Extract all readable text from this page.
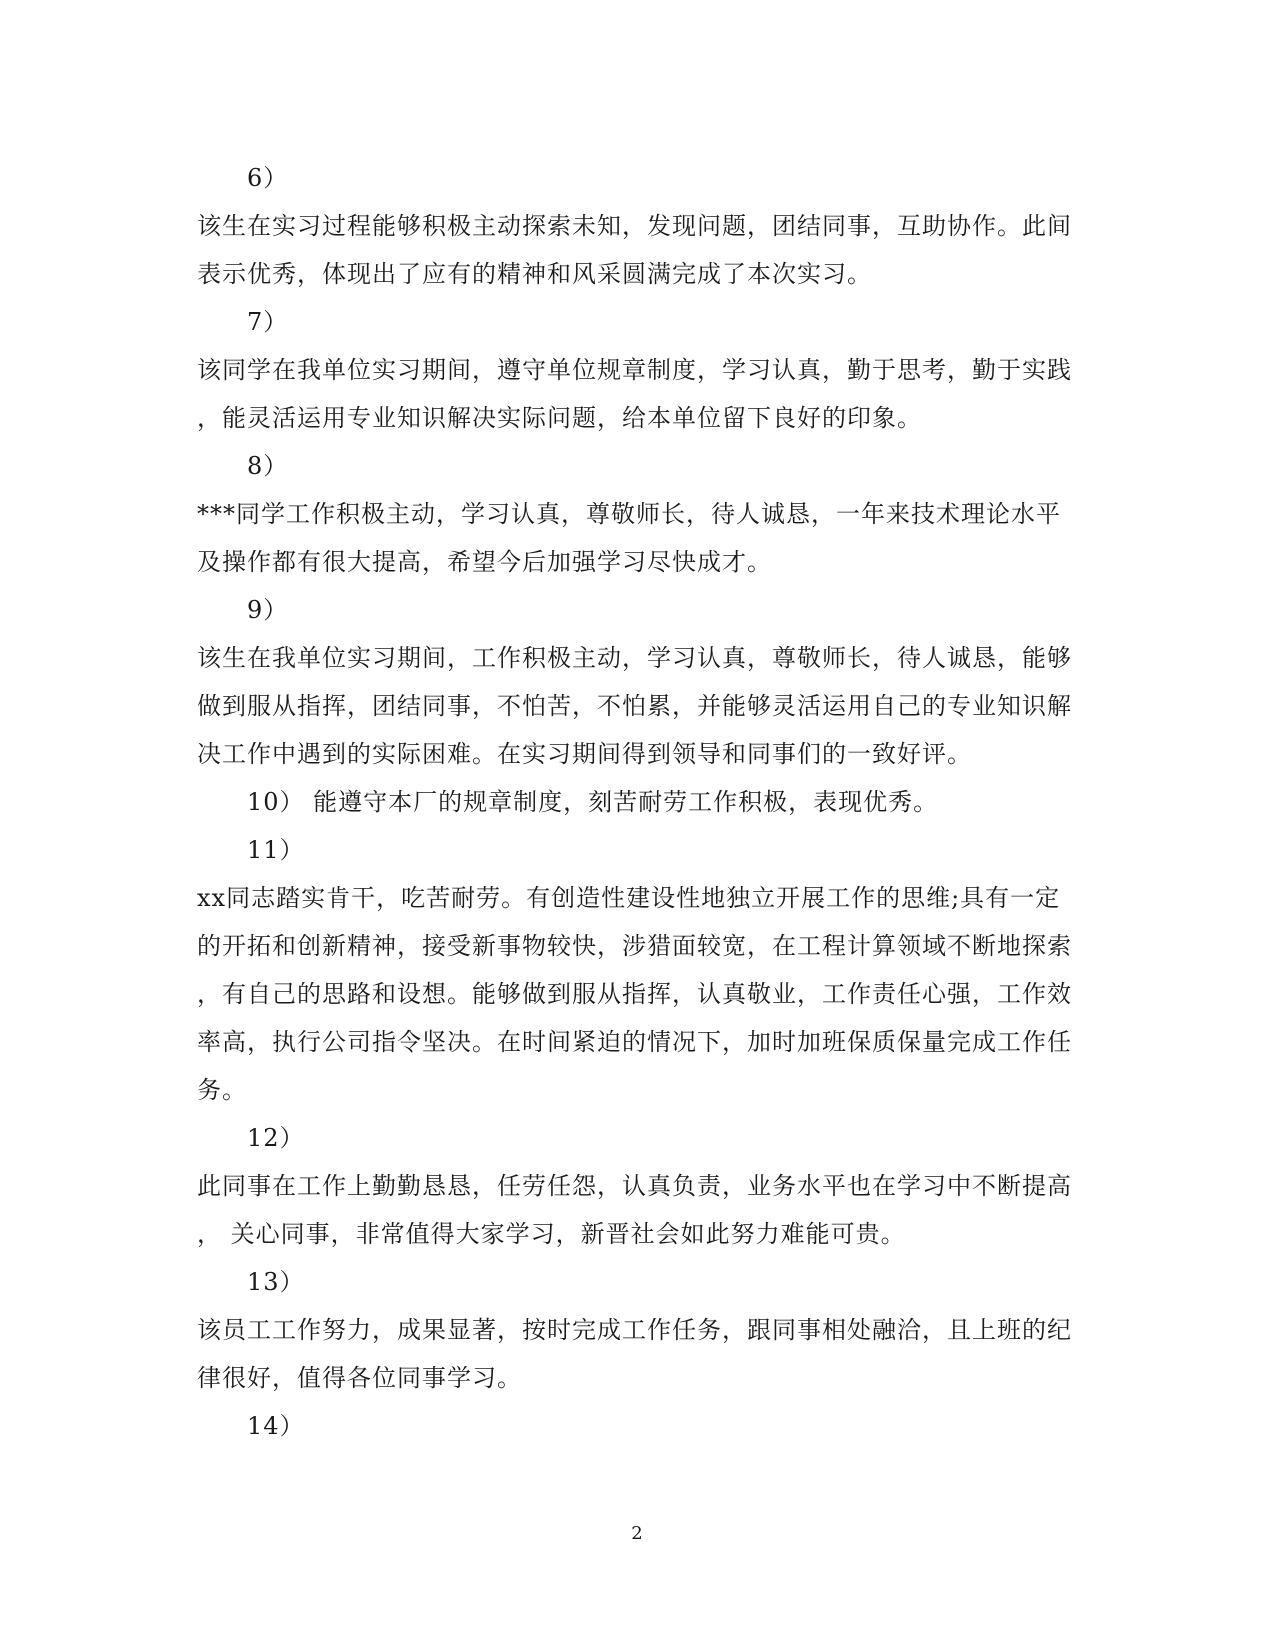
6）
该生在实习过程能够积极主动探索未知，发现问题，团结同事，互助协作。此间
表示优秀，体现出了应有的精神和风采圆满完成了本次实习。
7）
该同学在我单位实习期间，遵守单位规章制度，学习认真，勤于思考，勤于实践
，能灵活运用专业知识解决实际问题，给本单位留下良好的印象。
8）
***同学工作积极主动，学习认真，尊敬师长，待人诚恳，一年来技术理论水平
及操作都有很大提高，希望今后加强学习尽快成才。
9）
该生在我单位实习期间，工作积极主动，学习认真，尊敬师长，待人诚恳，能够
做到服从指挥，团结同事，不怕苦，不怕累，并能够灵活运用自己的专业知识解
决工作中遇到的实际困难。在实习期间得到领导和同事们的一致好评。
10） 能遵守本厂的规章制度，刻苦耐劳工作积极，表现优秀。
11）
xx同志踏实肯干，吃苦耐劳。有创造性建设性地独立开展工作的思维;具有一定
的开拓和创新精神，接受新事物较快，涉猎面较宽，在工程计算领域不断地探索
，有自己的思路和设想。能够做到服从指挥，认真敬业，工作责任心强，工作效
率高，执行公司指令坚决。在时间紧迫的情况下，加时加班保质保量完成工作任
务。
12）
此同事在工作上勤勤恳恳，任劳任怨，认真负责，业务水平也在学习中不断提高
， 关心同事，非常值得大家学习，新晋社会如此努力难能可贵。
13）
该员工工作努力，成果显著，按时完成工作任务，跟同事相处融洽，且上班的纪
律很好，值得各位同事学习。
14）
2
